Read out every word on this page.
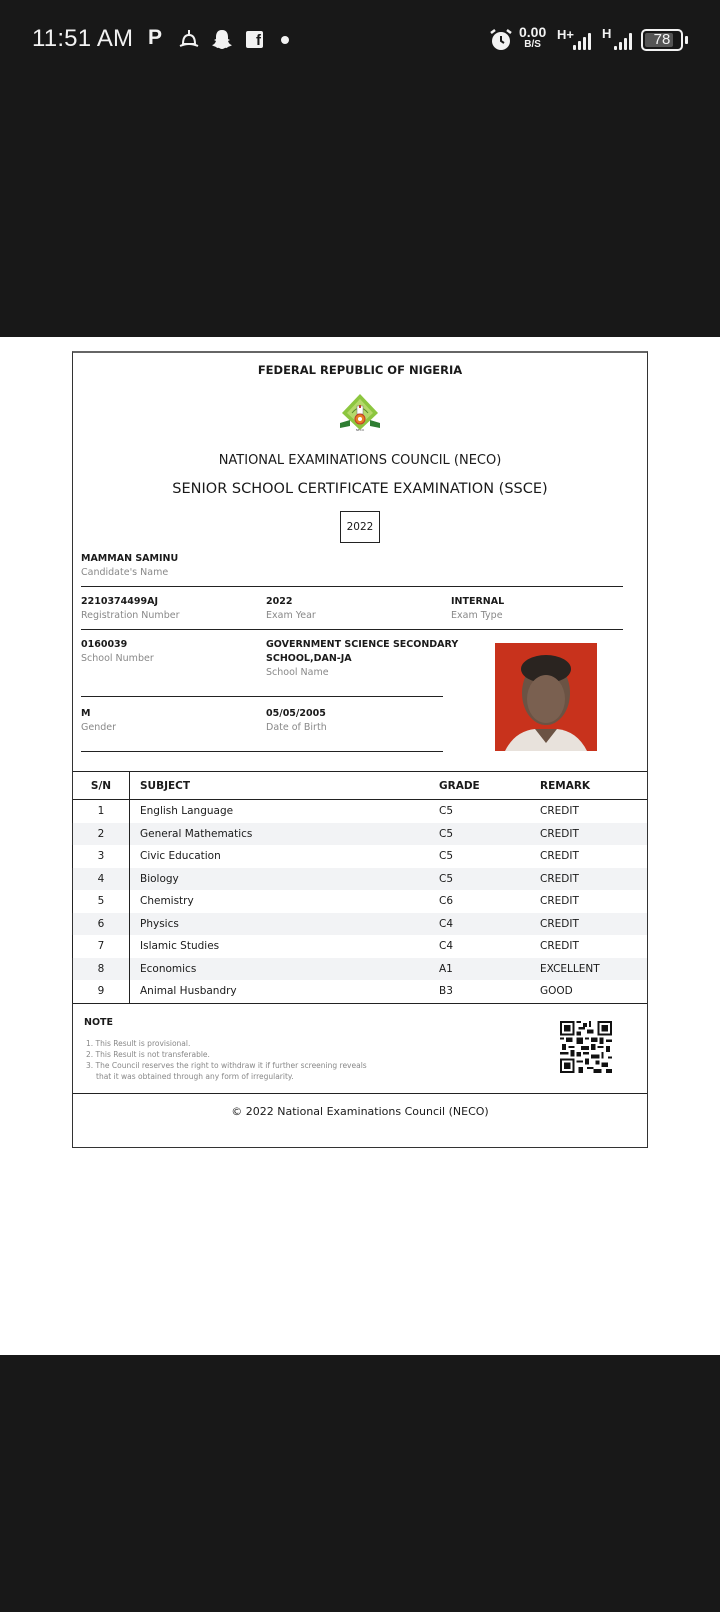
11:51 AM P	f	0.00
B/S
H+ H	78
FEDERAL REPUBLIC OF NIGERIA
NECO
NATIONAL EXAMINATIONS COUNCIL (NECO)
SENIOR SCHOOL CERTIFICATE EXAMINATION (SSCE)
2022
MAMMAN SAMINU
Candidate's Name
2210374499AJ
Registration Number
2022
Exam Year
INTERNAL
Exam Type
0160039
School Number
GOVERNMENT SCIENCE SECONDARY
SCHOOL,DAN-JA
School Name
M
Gender
05/05/2005
Date of Birth
S/N	SUBJECT	GRADE	REMARK
1	English Language	C5	CREDIT
2	General Mathematics	C5	CREDIT
3	Civic Education	C5	CREDIT
4	Biology	C5	CREDIT
5	Chemistry	C6	CREDIT
6	Physics	C4	CREDIT
7	Islamic Studies	C4	CREDIT
8	Economics	A1	EXCELLENT
9	Animal Husbandry	B3	GOOD
NOTE
1. This Result is provisional.
2. This Result is not transferable.
3. The Council reserves the right to withdraw it if further screening reveals
that it was obtained through any form of irregularity.
© 2022 National Examinations Council (NECO)
